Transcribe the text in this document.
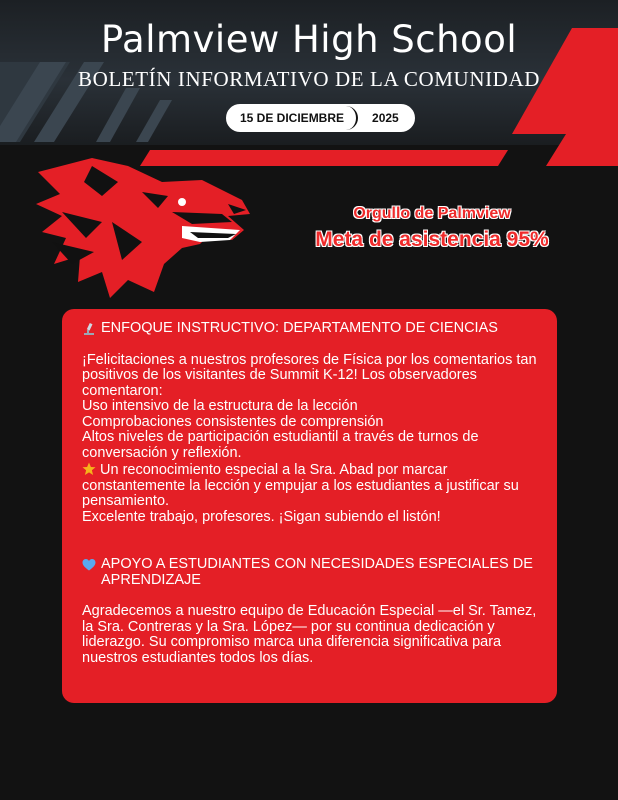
Palmview High School
BOLETÍN INFORMATIVO DE LA COMUNIDAD
15 DE DICIEMBRE	2025
Orgullo de Palmview
Meta de asistencia 95%
ENFOQUE INSTRUCTIVO: DEPARTAMENTO DE CIENCIAS

¡Felicitaciones a nuestros profesores de Física por los comentarios tan positivos de los visitantes de Summit K-12! Los observadores comentaron:

Uso intensivo de la estructura de la lección

Comprobaciones consistentes de comprensión

Altos niveles de participación estudiantil a través de turnos de conversación y reflexión.

Un reconocimiento especial a la Sra. Abad por marcar constantemente la lección y empujar a los estudiantes a justificar su pensamiento.

Excelente trabajo, profesores. ¡Sigan subiendo el listón!

APOYO A ESTUDIANTES CON NECESIDADES ESPECIALES DE APRENDIZAJE

Agradecemos a nuestro equipo de Educación Especial —el Sr. Tamez, la Sra. Contreras y la Sra. López— por su continua dedicación y liderazgo. Su compromiso marca una diferencia significativa para nuestros estudiantes todos los días.
